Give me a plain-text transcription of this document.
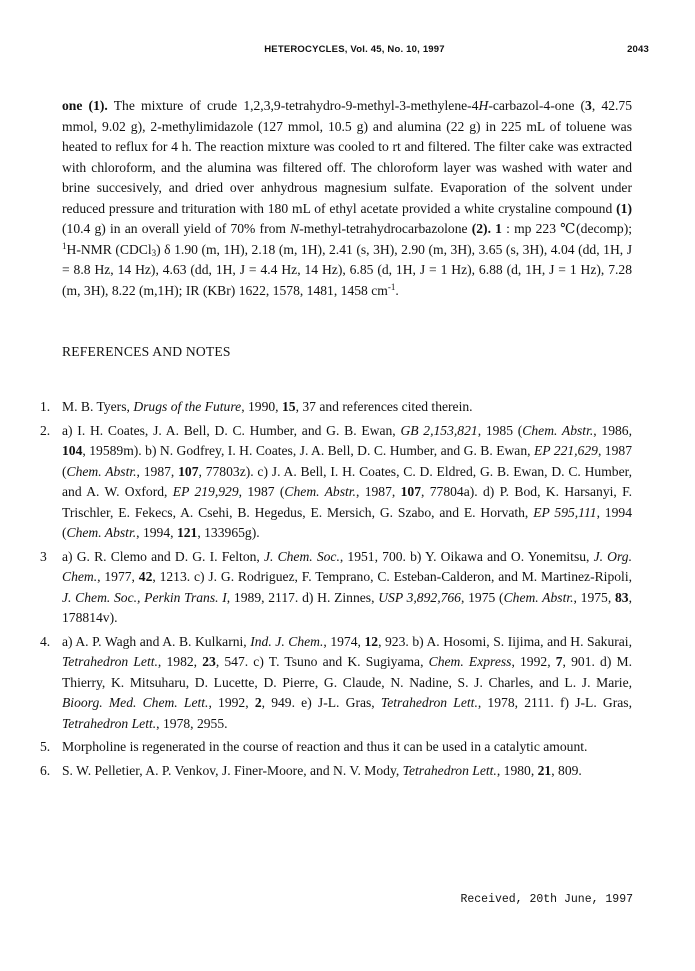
HETEROCYCLES, Vol. 45, No. 10, 1997	2043

one (1). The mixture of crude 1,2,3,9-tetrahydro-9-methyl-3-methylene-4H-carbazol-4-one (3, 42.75 mmol, 9.02 g), 2-methylimidazole (127 mmol, 10.5 g) and alumina (22 g) in 225 mL of toluene was heated to reflux for 4 h. The reaction mixture was cooled to rt and filtered. The filter cake was extracted with chloroform, and the alumina was filtered off. The chloroform layer was washed with water and brine succesively, and dried over anhydrous magnesium sulfate. Evaporation of the solvent under reduced pressure and trituration with 180 mL of ethyl acetate provided a white crystaline compound (1) (10.4 g) in an overall yield of 70% from N-methyl-tetrahydrocarbazolone (2). 1 : mp 223 ℃(decomp); $^1$H-NMR (CDCl$_3$) δ 1.90 (m, 1H), 2.18 (m, 1H), 2.41 (s, 3H), 2.90 (m, 3H), 3.65 (s, 3H), 4.04 (dd, 1H, J = 8.8 Hz, 14 Hz), 4.63 (dd, 1H, J = 4.4 Hz, 14 Hz), 6.85 (d, 1H, J = 1 Hz), 6.88 (d, 1H, J = 1 Hz), 7.28 (m, 3H), 8.22 (m,1H); IR (KBr) 1622, 1578, 1481, 1458 $cm^{-1}$.

REFERENCES AND NOTES
1. M. B. Tyers, Drugs of the Future, 1990, 15, 37 and references cited therein.
2. a) I. H. Coates, J. A. Bell, D. C. Humber, and G. B. Ewan, GB 2,153,821, 1985 (Chem. Abstr., 1986, 104, 19589m). b) N. Godfrey, I. H. Coates, J. A. Bell, D. C. Humber, and G. B. Ewan, EP 221,629, 1987 (Chem. Abstr., 1987, 107, 77803z). c) J. A. Bell, I. H. Coates, C. D. Eldred, G. B. Ewan, D. C. Humber, and A. W. Oxford, EP 219,929, 1987 (Chem. Abstr., 1987, 107, 77804a). d) P. Bod, K. Harsanyi, F. Trischler, E. Fekecs, A. Csehi, B. Hegedus, E. Mersich, G. Szabo, and E. Horvath, EP 595,111, 1994 (Chem. Abstr., 1994, 121, 133965g).
3 a) G. R. Clemo and D. G. I. Felton, J. Chem. Soc., 1951, 700. b) Y. Oikawa and O. Yonemitsu, J. Org. Chem., 1977, 42, 1213. c) J. G. Rodriguez, F. Temprano, C. Esteban-Calderon, and M. Martinez-Ripoli, J. Chem. Soc., Perkin Trans. I, 1989, 2117. d) H. Zinnes, USP 3,892,766, 1975 (Chem. Abstr., 1975, 83, 178814v).
4. a) A. P. Wagh and A. B. Kulkarni, Ind. J. Chem., 1974, 12, 923. b) A. Hosomi, S. Iijima, and H. Sakurai, Tetrahedron Lett., 1982, 23, 547. c) T. Tsuno and K. Sugiyama, Chem. Express, 1992, 7, 901. d) M. Thierry, K. Mitsuharu, D. Lucette, D. Pierre, G. Claude, N. Nadine, S. J. Charles, and L. J. Marie, Bioorg. Med. Chem. Lett., 1992, 2, 949. e) J-L. Gras, Tetrahedron Lett., 1978, 2111. f) J-L. Gras, Tetrahedron Lett., 1978, 2955.
5. Morpholine is regenerated in the course of reaction and thus it can be used in a catalytic amount.
6. S. W. Pelletier, A. P. Venkov, J. Finer-Moore, and N. V. Mody, Tetrahedron Lett., 1980, 21, 809.
Received, 20th June, 1997
